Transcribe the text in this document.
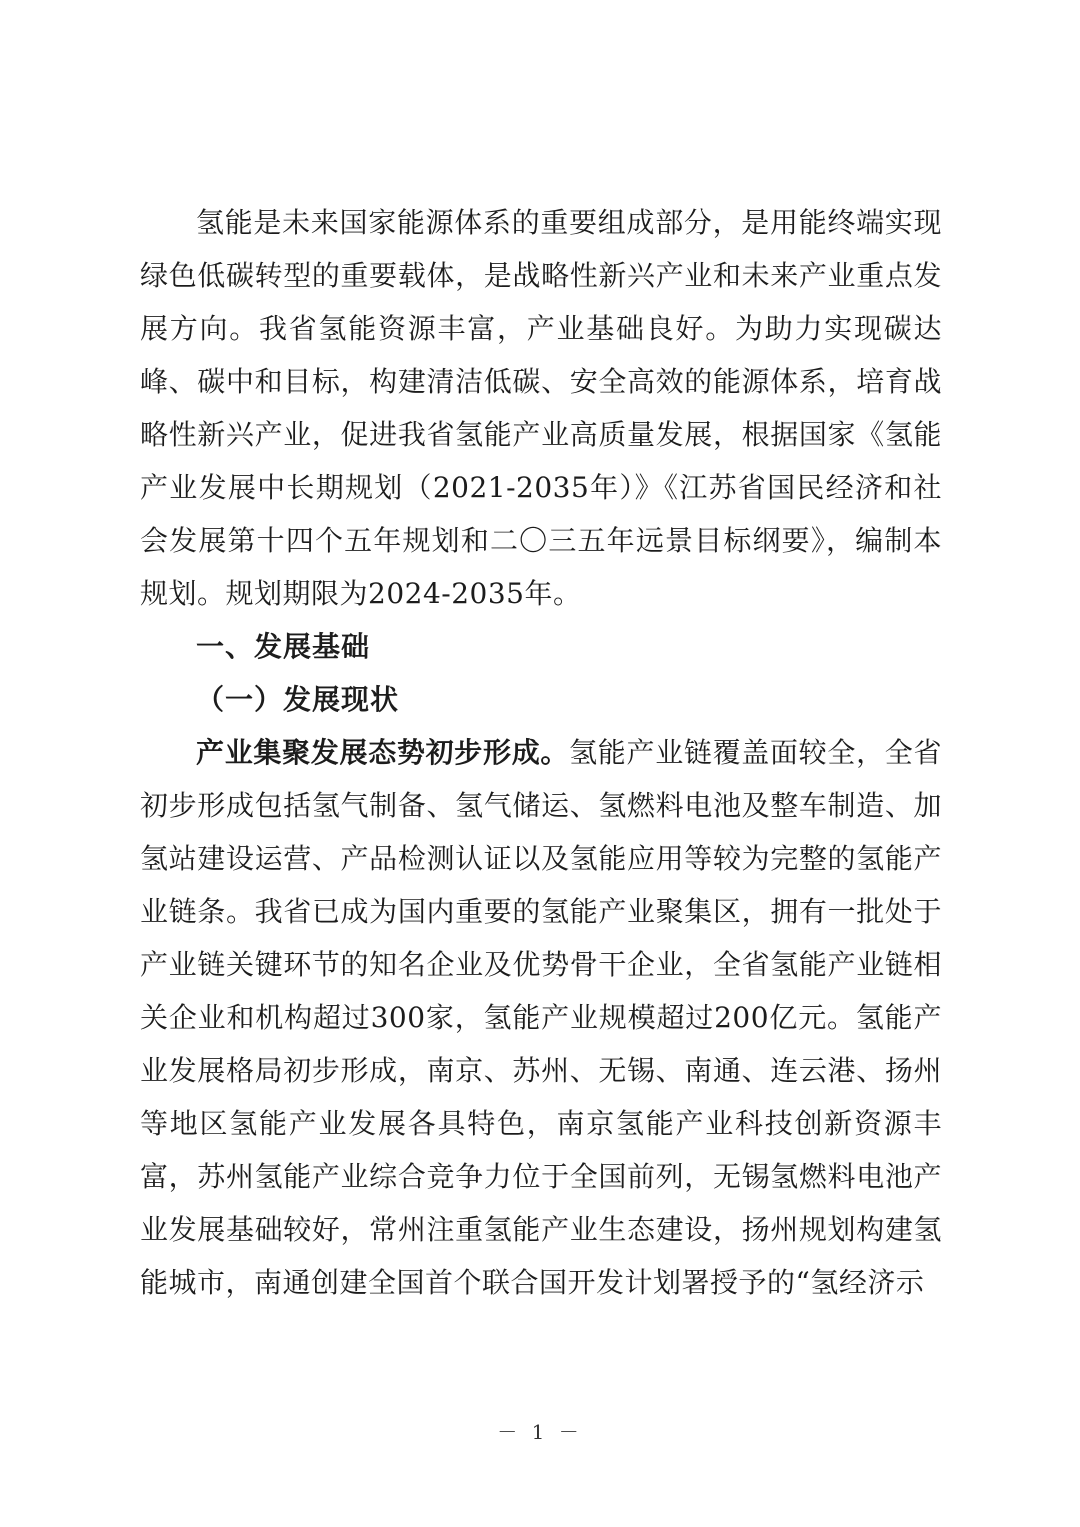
氢能是未来国家能源体系的重要组成部分，是用能终端实现绿色低碳转型的重要载体，是战略性新兴产业和未来产业重点发展方向。我省氢能资源丰富，产业基础良好。为助力实现碳达峰、碳中和目标，构建清洁低碳、安全高效的能源体系，培育战略性新兴产业，促进我省氢能产业高质量发展，根据国家《氢能产业发展中长期规划（2021-2035年）》《江苏省国民经济和社会发展第十四个五年规划和二〇三五年远景目标纲要》，编制本规划。规划期限为2024-2035年。

一、发展基础
（一）发展现状

产业集聚发展态势初步形成。氢能产业链覆盖面较全，全省初步形成包括氢气制备、氢气储运、氢燃料电池及整车制造、加氢站建设运营、产品检测认证以及氢能应用等较为完整的氢能产业链条。我省已成为国内重要的氢能产业聚集区，拥有一批处于产业链关键环节的知名企业及优势骨干企业，全省氢能产业链相关企业和机构超过300家，氢能产业规模超过200亿元。氢能产业发展格局初步形成，南京、苏州、无锡、南通、连云港、扬州等地区氢能产业发展各具特色，南京氢能产业科技创新资源丰富，苏州氢能产业综合竞争力位于全国前列，无锡氢燃料电池产业发展基础较好，常州注重氢能产业生态建设，扬州规划构建氢能城市，南通创建全国首个联合国开发计划署授予的“氢经济示

－ 1 －
